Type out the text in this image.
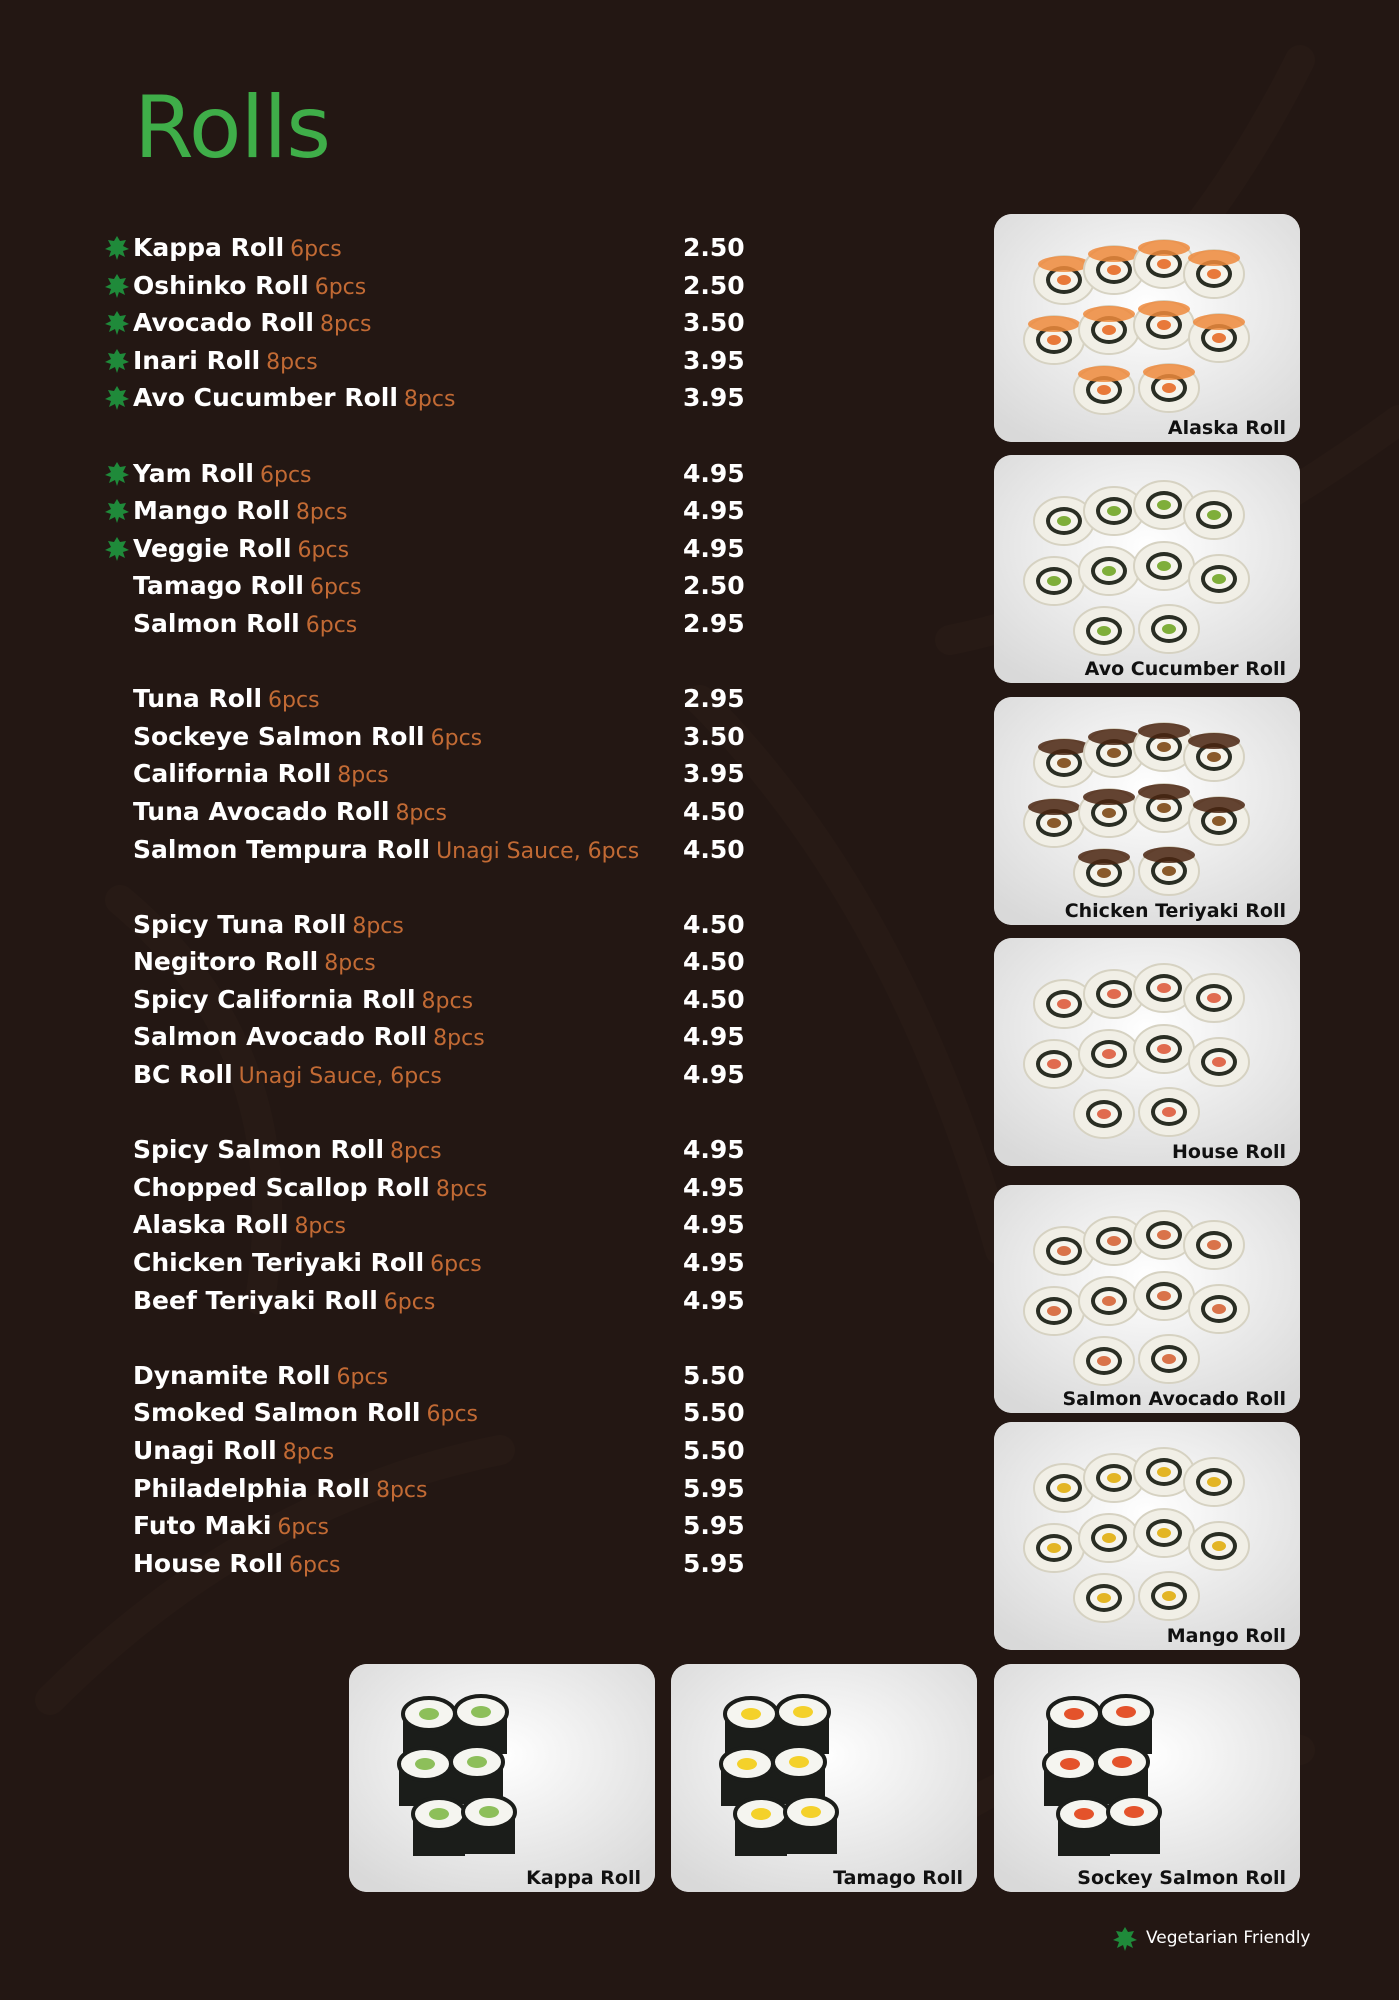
Rolls
Kappa Roll 6pcs	2.50
Oshinko Roll 6pcs	2.50
Avocado Roll 8pcs	3.50
Inari Roll 8pcs	3.95
Avo Cucumber Roll 8pcs	3.95
Yam Roll 6pcs	4.95
Mango Roll 8pcs	4.95
Veggie Roll 6pcs	4.95
Tamago Roll 6pcs	2.50
Salmon Roll 6pcs	2.95
Tuna Roll 6pcs	2.95
Sockeye Salmon Roll 6pcs	3.50
California Roll 8pcs	3.95
Tuna Avocado Roll 8pcs	4.50
Salmon Tempura Roll Unagi Sauce, 6pcs 4.50
Spicy Tuna Roll 8pcs	4.50
Negitoro Roll 8pcs	4.50
Spicy California Roll 8pcs	4.50
Salmon Avocado Roll 8pcs	4.95
BC Roll Unagi Sauce, 6pcs	4.95
Spicy Salmon Roll 8pcs	4.95
Chopped Scallop Roll 8pcs	4.95
Alaska Roll 8pcs	4.95
Chicken Teriyaki Roll 6pcs	4.95
Beef Teriyaki Roll 6pcs	4.95
Dynamite Roll 6pcs	5.50
Smoked Salmon Roll 6pcs	5.50
Unagi Roll 8pcs	5.50
Philadelphia Roll 8pcs	5.95
Futo Maki 6pcs	5.95
House Roll 6pcs	5.95
Alaska Roll
Avo Cucumber Roll
Chicken Teriyaki Roll
House Roll
Salmon Avocado Roll
Mango Roll
Kappa Roll	Tamago Roll	Sockey Salmon Roll
Vegetarian Friendly
